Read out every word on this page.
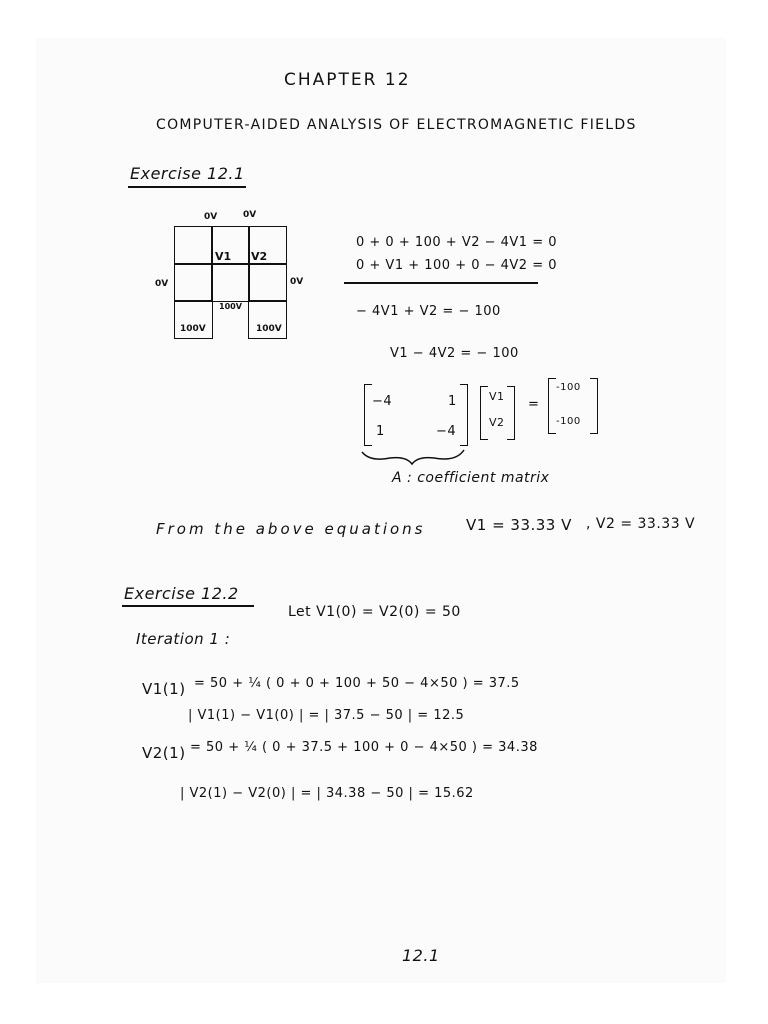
CHAPTER 12
COMPUTER-AIDED ANALYSIS OF ELECTROMAGNETIC FIELDS
Exercise 12.1
0V	0V
0V	0V
V1 V2
100V
100V	100V
0 + 0 + 100 + V2 − 4V1 = 0
0 + V1 + 100 + 0 − 4V2 = 0
− 4V1 + V2 = − 100
V1 − 4V2 = − 100
−4	1
1	−4
V1
V2
=
-100
-100
A : coefficient matrix
From the above equations	V1 = 33.33 V , V2 = 33.33 V
Exercise 12.2
Let V1(0) = V2(0) = 50
Iteration 1 :
V1(1) = 50 + ¼ ( 0 + 0 + 100 + 50 − 4×50 ) = 37.5
| V1(1) − V1(0) | = | 37.5 − 50 | = 12.5
V2(1) = 50 + ¼ ( 0 + 37.5 + 100 + 0 − 4×50 ) = 34.38
| V2(1) − V2(0) | = | 34.38 − 50 | = 15.62
12.1
